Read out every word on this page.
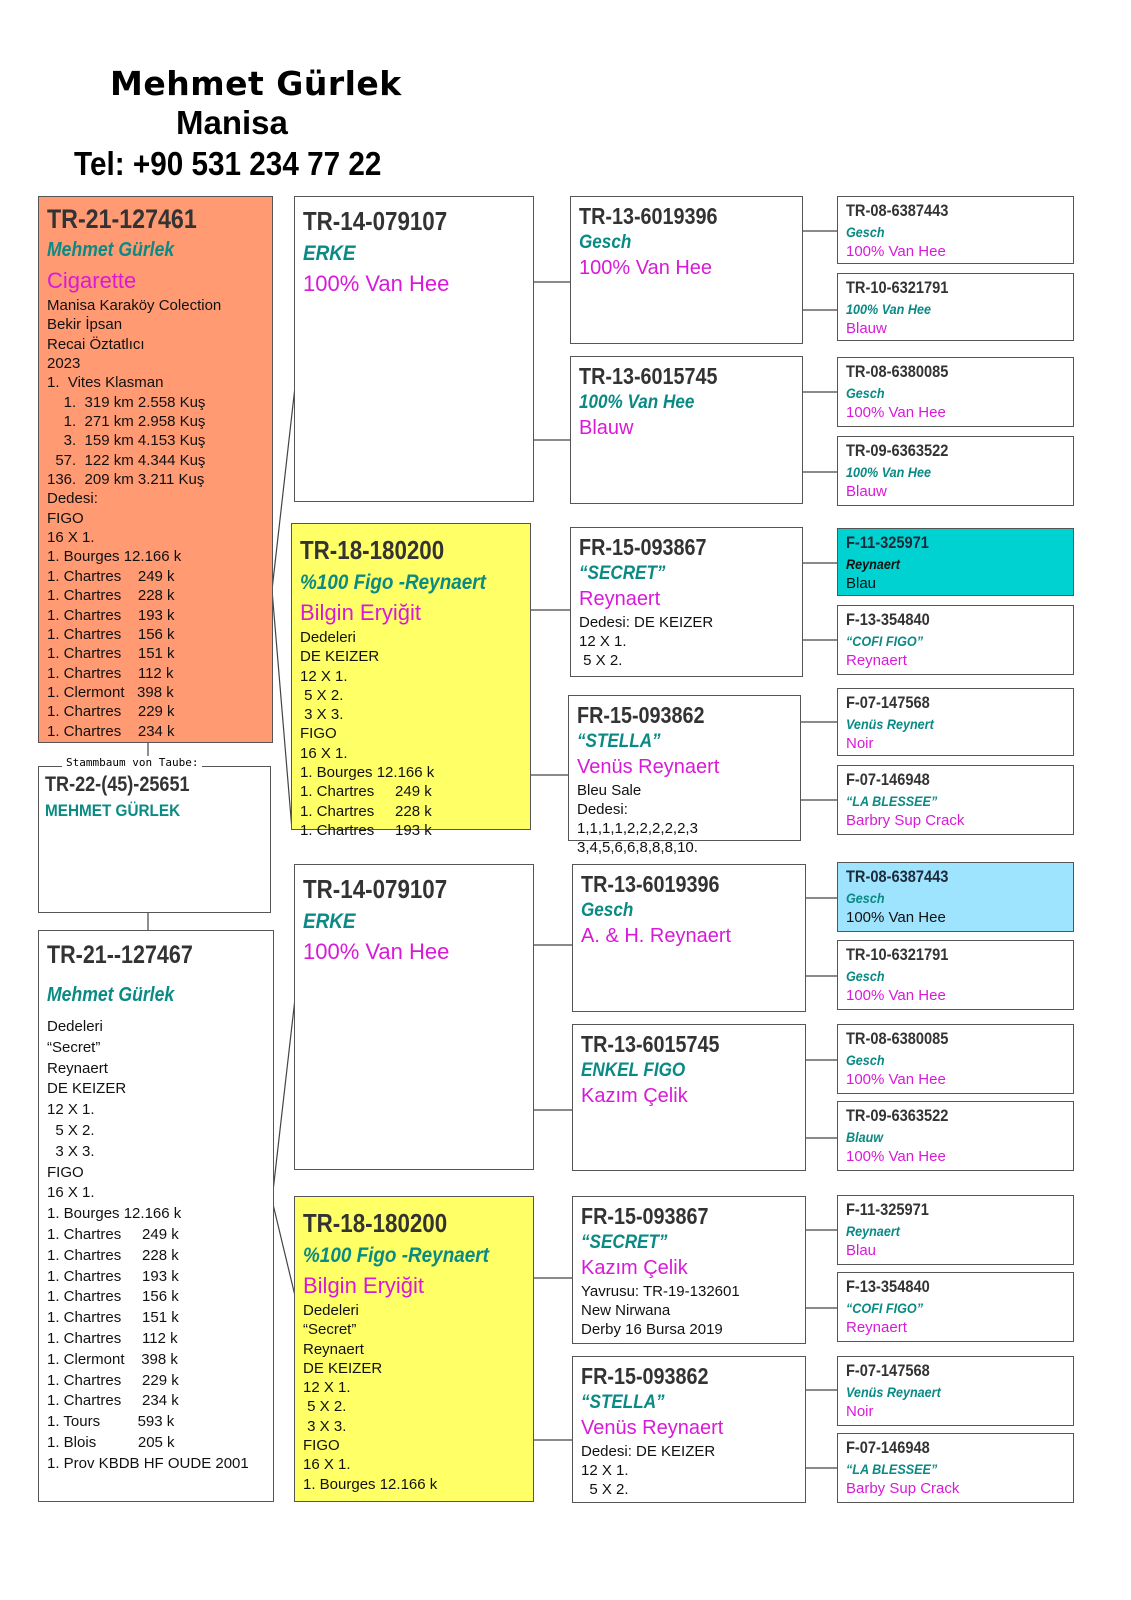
Mehmet Gürlek
Manisa
Tel: +90 531 234 77 22
TR-21-127461
Mehmet Gürlek
Cigarette
Manisa Karaköy Colection
Bekir İpsan
Recai Öztatlıcı
2023
1.  Vites Klasman
1.  319 km 2.558 Kuş
1.  271 km 2.958 Kuş
3.  159 km 4.153 Kuş
57.  122 km 4.344 Kuş
136.  209 km 3.211 Kuş
Dedesi:
FIGO
16 X 1.
1. Bourges 12.166 k
1. Chartres    249 k
1. Chartres    228 k
1. Chartres    193 k
1. Chartres    156 k
1. Chartres    151 k
1. Chartres    112 k
1. Clermont   398 k
1. Chartres    229 k
1. Chartres    234 k
TR-22-(45)-25651
MEHMET GÜRLEK
Stammbaum von Taube:
TR-21--127467
Mehmet Gürlek
Dedeleri
“Secret”
Reynaert
DE KEIZER
12 X 1.
5 X 2.
3 X 3.
FIGO
16 X 1.
1. Bourges 12.166 k
1. Chartres     249 k
1. Chartres     228 k
1. Chartres     193 k
1. Chartres     156 k
1. Chartres     151 k
1. Chartres     112 k
1. Clermont    398 k
1. Chartres     229 k
1. Chartres     234 k
1. Tours         593 k
1. Blois          205 k
1. Prov KBDB HF OUDE 2001
TR-14-079107
ERKE
100% Van Hee
TR-18-180200
%100 Figo -Reynaert
Bilgin Eryiğit
Dedeleri
DE KEIZER
12 X 1.
5 X 2.
3 X 3.
FIGO
16 X 1.
1. Bourges 12.166 k
1. Chartres     249 k
1. Chartres     228 k
1. Chartres     193 k
TR-14-079107
ERKE
100% Van Hee
TR-18-180200
%100 Figo -Reynaert
Bilgin Eryiğit
Dedeleri
“Secret”
Reynaert
DE KEIZER
12 X 1.
5 X 2.
3 X 3.
FIGO
16 X 1.
1. Bourges 12.166 k
TR-13-6019396
Gesch
100% Van Hee
TR-13-6015745
100% Van Hee
Blauw
FR-15-093867
“SECRET”
Reynaert
Dedesi: DE KEIZER
12 X 1.
5 X 2.
FR-15-093862
“STELLA”
Venüs Reynaert
Bleu Sale
Dedesi:
1,1,1,1,2,2,2,2,2,3
3,4,5,6,6,8,8,8,10.
TR-13-6019396
Gesch
A. & H. Reynaert
TR-13-6015745
ENKEL FIGO
Kazım Çelik
FR-15-093867
“SECRET”
Kazım Çelik
Yavrusu: TR-19-132601
New Nirwana
Derby 16 Bursa 2019
FR-15-093862
“STELLA”
Venüs Reynaert
Dedesi: DE KEIZER
12 X 1.
5 X 2.
TR-08-6387443
Gesch
100% Van Hee
TR-10-6321791
100% Van Hee
Blauw
TR-08-6380085
Gesch
100% Van Hee
TR-09-6363522
100% Van Hee
Blauw
F-11-325971
Reynaert
Blau
F-13-354840
“COFI FIGO”
Reynaert
F-07-147568
Venüs Reynert
Noir
F-07-146948
“LA BLESSEE”
Barbry Sup Crack
TR-08-6387443
Gesch
100% Van Hee
TR-10-6321791
Gesch
100% Van Hee
TR-08-6380085
Gesch
100% Van Hee
TR-09-6363522
Blauw
100% Van Hee
F-11-325971
Reynaert
Blau
F-13-354840
“COFI FIGO”
Reynaert
F-07-147568
Venüs Reynaert
Noir
F-07-146948
“LA BLESSEE”
Barby Sup Crack
